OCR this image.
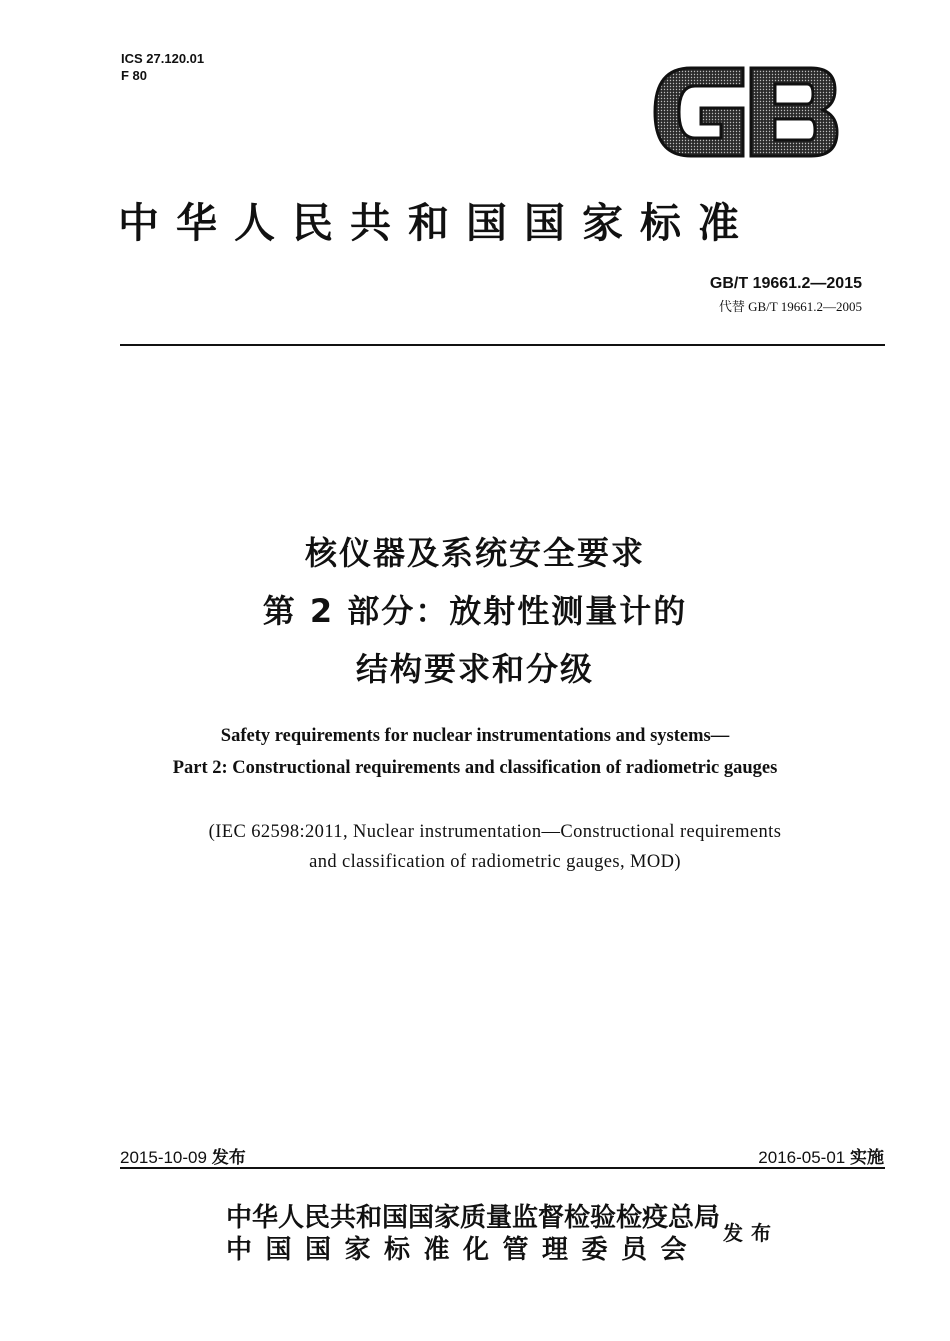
ICS 27.120.01
F 80
中华人民共和国国家标准
GB/T 19661.2—2015
代替 GB/T 19661.2—2005
核仪器及系统安全要求
第 2 部分：放射性测量计的
结构要求和分级
Safety requirements for nuclear instrumentations and systems—
Part 2: Constructional requirements and classification of radiometric gauges
(IEC 62598:2011, Nuclear instrumentation—Constructional requirements
and classification of radiometric gauges, MOD)
2015-10-09 发布	2016-05-01 实施
中华人民共和国国家质量监督检验检疫总局
中国国家标准化管理委员会
发布
